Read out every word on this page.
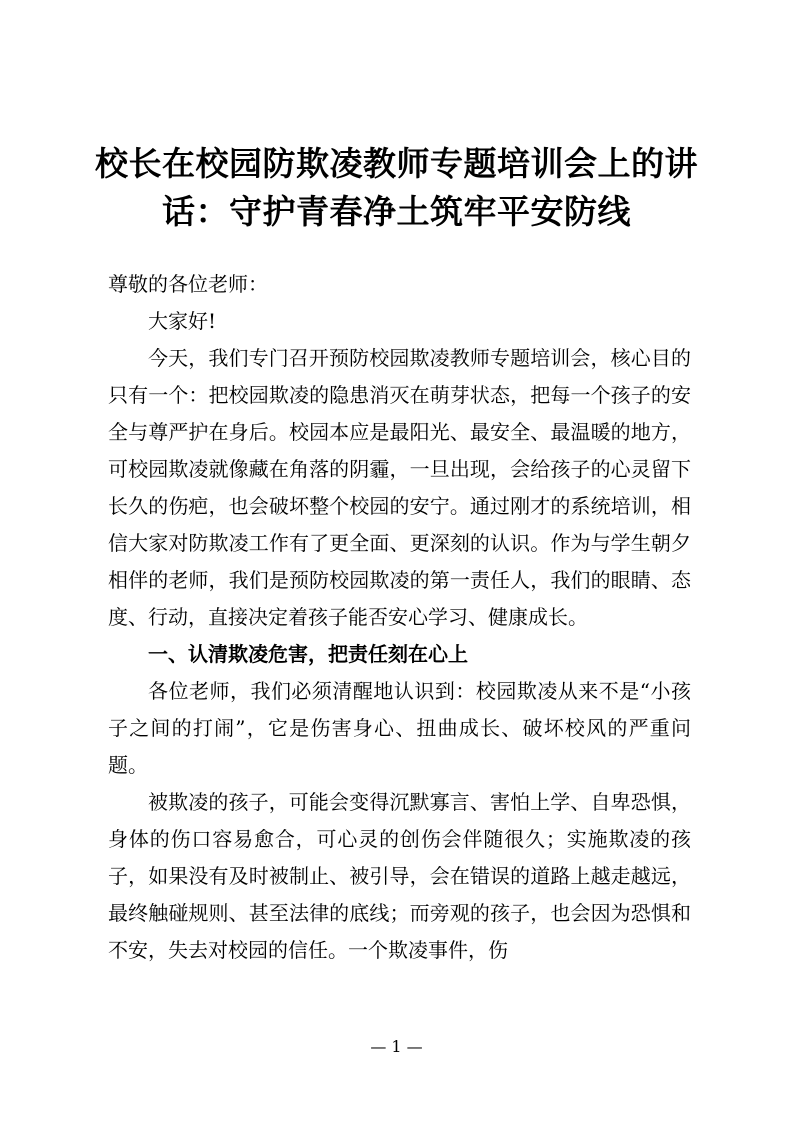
校长在校园防欺凌教师专题培训会上的讲
话：守护青春净土筑牢平安防线

尊敬的各位老师：

大家好!

今天，我们专门召开预防校园欺凌教师专题培训会，核心目的只有一个：把校园欺凌的隐患消灭在萌芽状态，把每一个孩子的安全与尊严护在身后。校园本应是最阳光、最安全、最温暖的地方，可校园欺凌就像藏在角落的阴霾，一旦出现，会给孩子的心灵留下长久的伤疤，也会破坏整个校园的安宁。通过刚才的系统培训，相信大家对防欺凌工作有了更全面、更深刻的认识。作为与学生朝夕相伴的老师，我们是预防校园欺凌的第一责任人，我们的眼睛、态度、行动，直接决定着孩子能否安心学习、健康成长。

一、认清欺凌危害，把责任刻在心上

各位老师，我们必须清醒地认识到：校园欺凌从来不是“小孩子之间的打闹”，它是伤害身心、扭曲成长、破坏校风的严重问题。

被欺凌的孩子，可能会变得沉默寡言、害怕上学、自卑恐惧，身体的伤口容易愈合，可心灵的创伤会伴随很久；实施欺凌的孩子，如果没有及时被制止、被引导，会在错误的道路上越走越远，最终触碰规则、甚至法律的底线；而旁观的孩子，也会因为恐惧和不安，失去对校园的信任。一个欺凌事件，伤

— 1 —
